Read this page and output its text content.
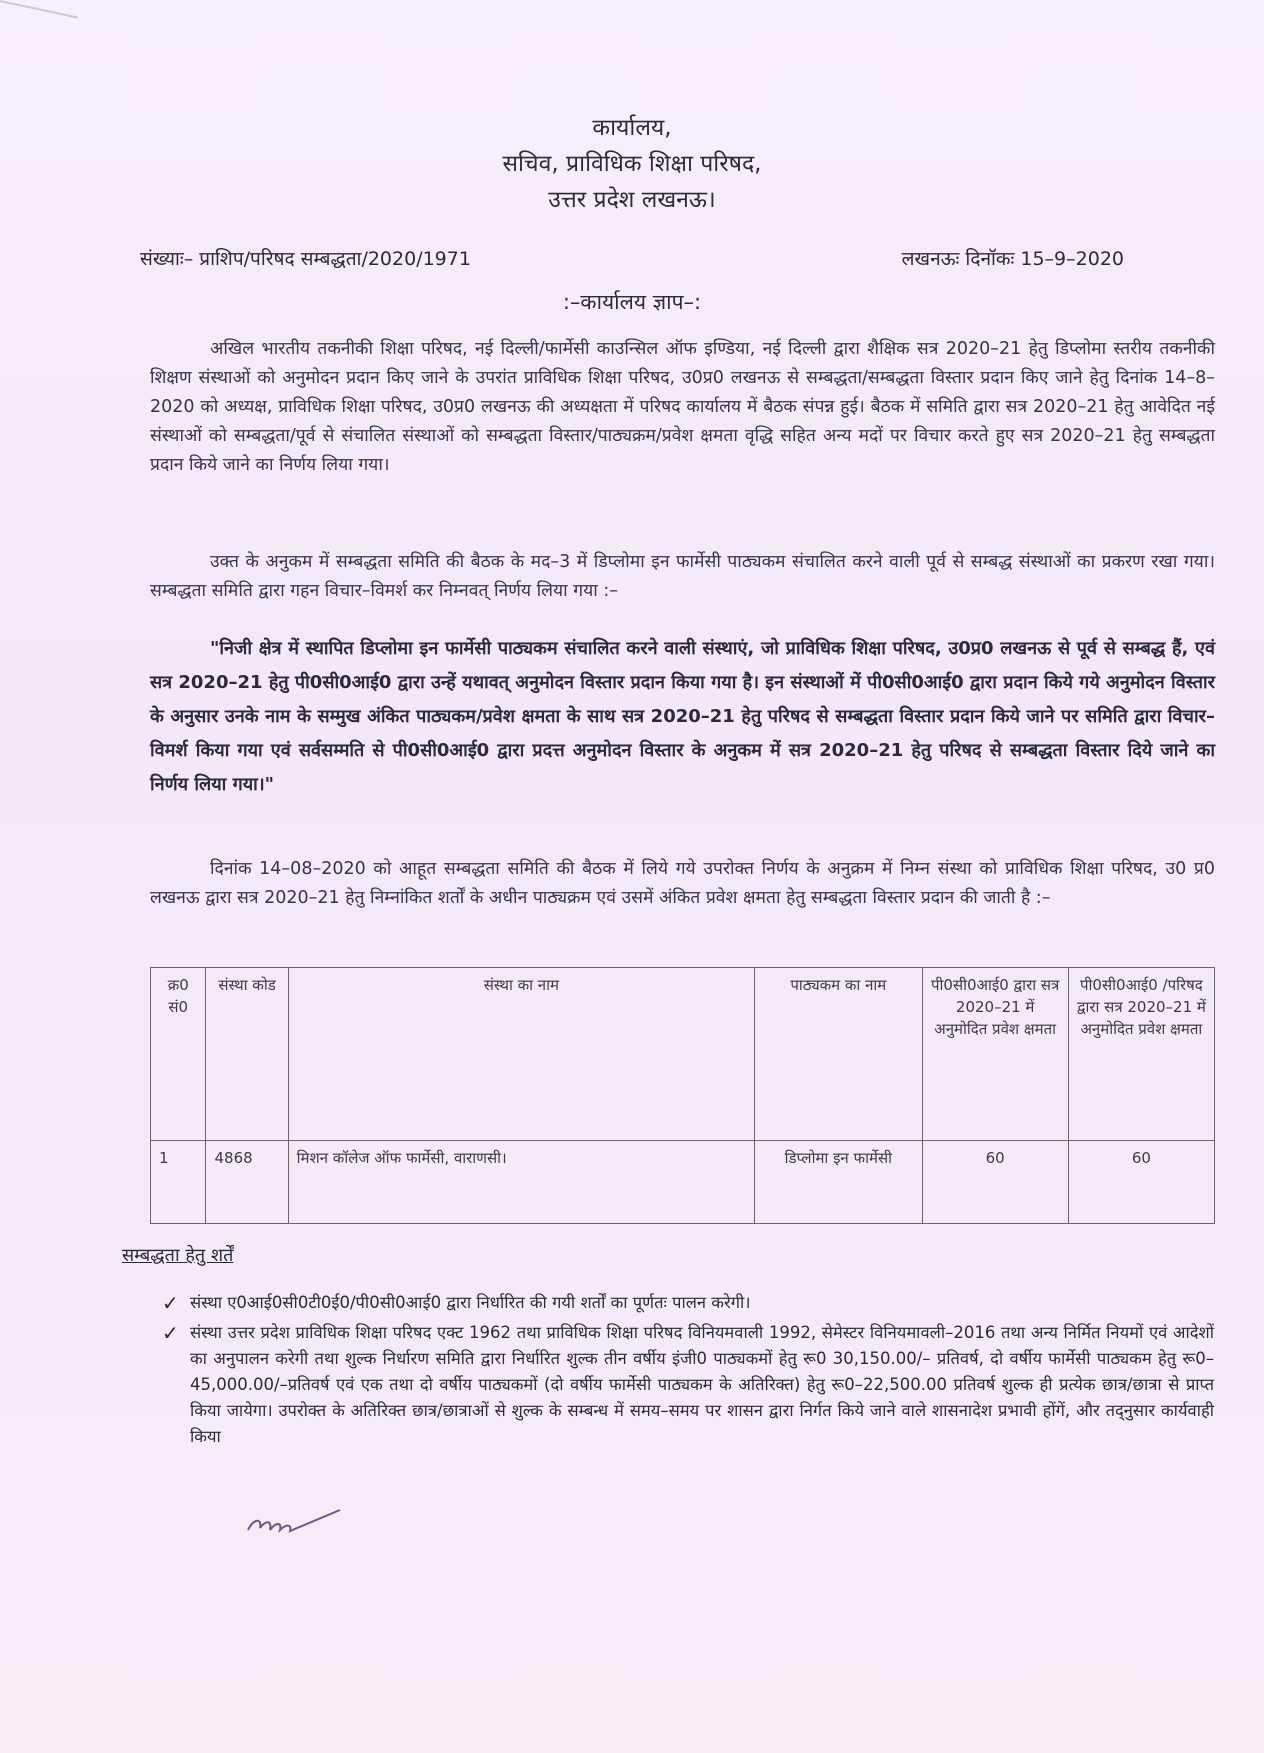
कार्यालय,
सचिव, प्राविधिक शिक्षा परिषद,
उत्तर प्रदेश लखनऊ।
संख्याः– प्राशिप/परिषद सम्बद्धता/2020/1971	लखनऊः दिनॉकः 15–9–2020
:–कार्यालय ज्ञाप–:
अखिल भारतीय तकनीकी शिक्षा परिषद, नई दिल्ली/फार्मेसी काउन्सिल ऑफ इण्डिया, नई दिल्ली द्वारा शैक्षिक सत्र 2020–21 हेतु डिप्लोमा स्तरीय तकनीकी शिक्षण संस्थाओं को अनुमोदन प्रदान किए जाने के उपरांत प्राविधिक शिक्षा परिषद, उ0प्र0 लखनऊ से सम्बद्धता/सम्बद्धता विस्तार प्रदान किए जाने हेतु दिनांक 14–8–2020 को अध्यक्ष, प्राविधिक शिक्षा परिषद, उ0प्र0 लखनऊ की अध्यक्षता में परिषद कार्यालय में बैठक संपन्न हुई। बैठक में समिति द्वारा सत्र 2020–21 हेतु आवेदित नई संस्थाओं को सम्बद्धता/पूर्व से संचालित संस्थाओं को सम्बद्धता विस्तार/पाठ्यक्रम/प्रवेश क्षमता वृद्धि सहित अन्य मदों पर विचार करते हुए सत्र 2020–21 हेतु सम्बद्धता प्रदान किये जाने का निर्णय लिया गया।
उक्त के अनुकम में सम्बद्धता समिति की बैठक के मद–3 में डिप्लोमा इन फार्मेसी पाठ्यकम संचालित करने वाली पूर्व से सम्बद्ध संस्थाओं का प्रकरण रखा गया। सम्बद्धता समिति द्वारा गहन विचार–विमर्श कर निम्नवत् निर्णय लिया गया :–
"निजी क्षेत्र में स्थापित डिप्लोमा इन फार्मेसी पाठ्यकम संचालित करने वाली संस्थाएं, जो प्राविधिक शिक्षा परिषद, उ0प्र0 लखनऊ से पूर्व से सम्बद्ध हैं, एवं सत्र 2020–21 हेतु पी0सी0आई0 द्वारा उन्हें यथावत् अनुमोदन विस्तार प्रदान किया गया है। इन संस्थाओं में पी0सी0आई0 द्वारा प्रदान किये गये अनुमोदन विस्तार के अनुसार उनके नाम के सम्मुख अंकित पाठ्यकम/प्रवेश क्षमता के साथ सत्र 2020–21 हेतु परिषद से सम्बद्धता विस्तार प्रदान किये जाने पर समिति द्वारा विचार–विमर्श किया गया एवं सर्वसम्मति से पी0सी0आई0 द्वारा प्रदत्त अनुमोदन विस्तार के अनुकम में सत्र 2020–21 हेतु परिषद से सम्बद्धता विस्तार दिये जाने का निर्णय लिया गया।"
दिनांक 14–08–2020 को आहूत सम्बद्धता समिति की बैठक में लिये गये उपरोक्त निर्णय के अनुक्रम में निम्न संस्था को प्राविधिक शिक्षा परिषद, उ0 प्र0 लखनऊ द्वारा सत्र 2020–21 हेतु निम्नांकित शर्तों के अधीन पाठ्यक्रम एवं उसमें अंकित प्रवेश क्षमता हेतु सम्बद्धता विस्तार प्रदान की जाती है :–
क्र0 सं0	संस्था कोड	संस्था का नाम	पाठ्यकम का नाम	पी0सी0आई0 द्वारा सत्र 2020–21 में अनुमोदित प्रवेश क्षमता	पी0सी0आई0 /परिषद द्वारा सत्र 2020–21 में अनुमोदित प्रवेश क्षमता
1	4868	मिशन कॉलेज ऑफ फार्मेसी, वाराणसी।	डिप्लोमा इन फार्मेसी	60	60
सम्बद्धता हेतु शर्तें
✓ संस्था ए0आई0सी0टी0ई0/पी0सी0आई0 द्वारा निर्धारित की गयी शर्तों का पूर्णतः पालन करेगी।
✓ संस्था उत्तर प्रदेश प्राविधिक शिक्षा परिषद एक्ट 1962 तथा प्राविधिक शिक्षा परिषद विनियमवाली 1992, सेमेस्टर विनियमावली–2016 तथा अन्य निर्मित नियमों एवं आदेशों का अनुपालन करेगी तथा शुल्क निर्धारण समिति द्वारा निर्धारित शुल्क तीन वर्षीय इंजी0 पाठ्यकमों हेतु रू0 30,150.00/– प्रतिवर्ष, दो वर्षीय फार्मेसी पाठ्यकम हेतु रू0–45,000.00/–प्रतिवर्ष एवं एक तथा दो वर्षीय पाठ्यकमों (दो वर्षीय फार्मेसी पाठ्यकम के अतिरिक्त) हेतु रू0–22,500.00 प्रतिवर्ष शुल्क ही प्रत्येक छात्र/छात्रा से प्राप्त किया जायेगा। उपरोक्त के अतिरिक्त छात्र/छात्राओं से शुल्क के सम्बन्ध में समय–समय पर शासन द्वारा निर्गत किये जाने वाले शासनादेश प्रभावी होंगें, और तद्नुसार कार्यवाही किया
